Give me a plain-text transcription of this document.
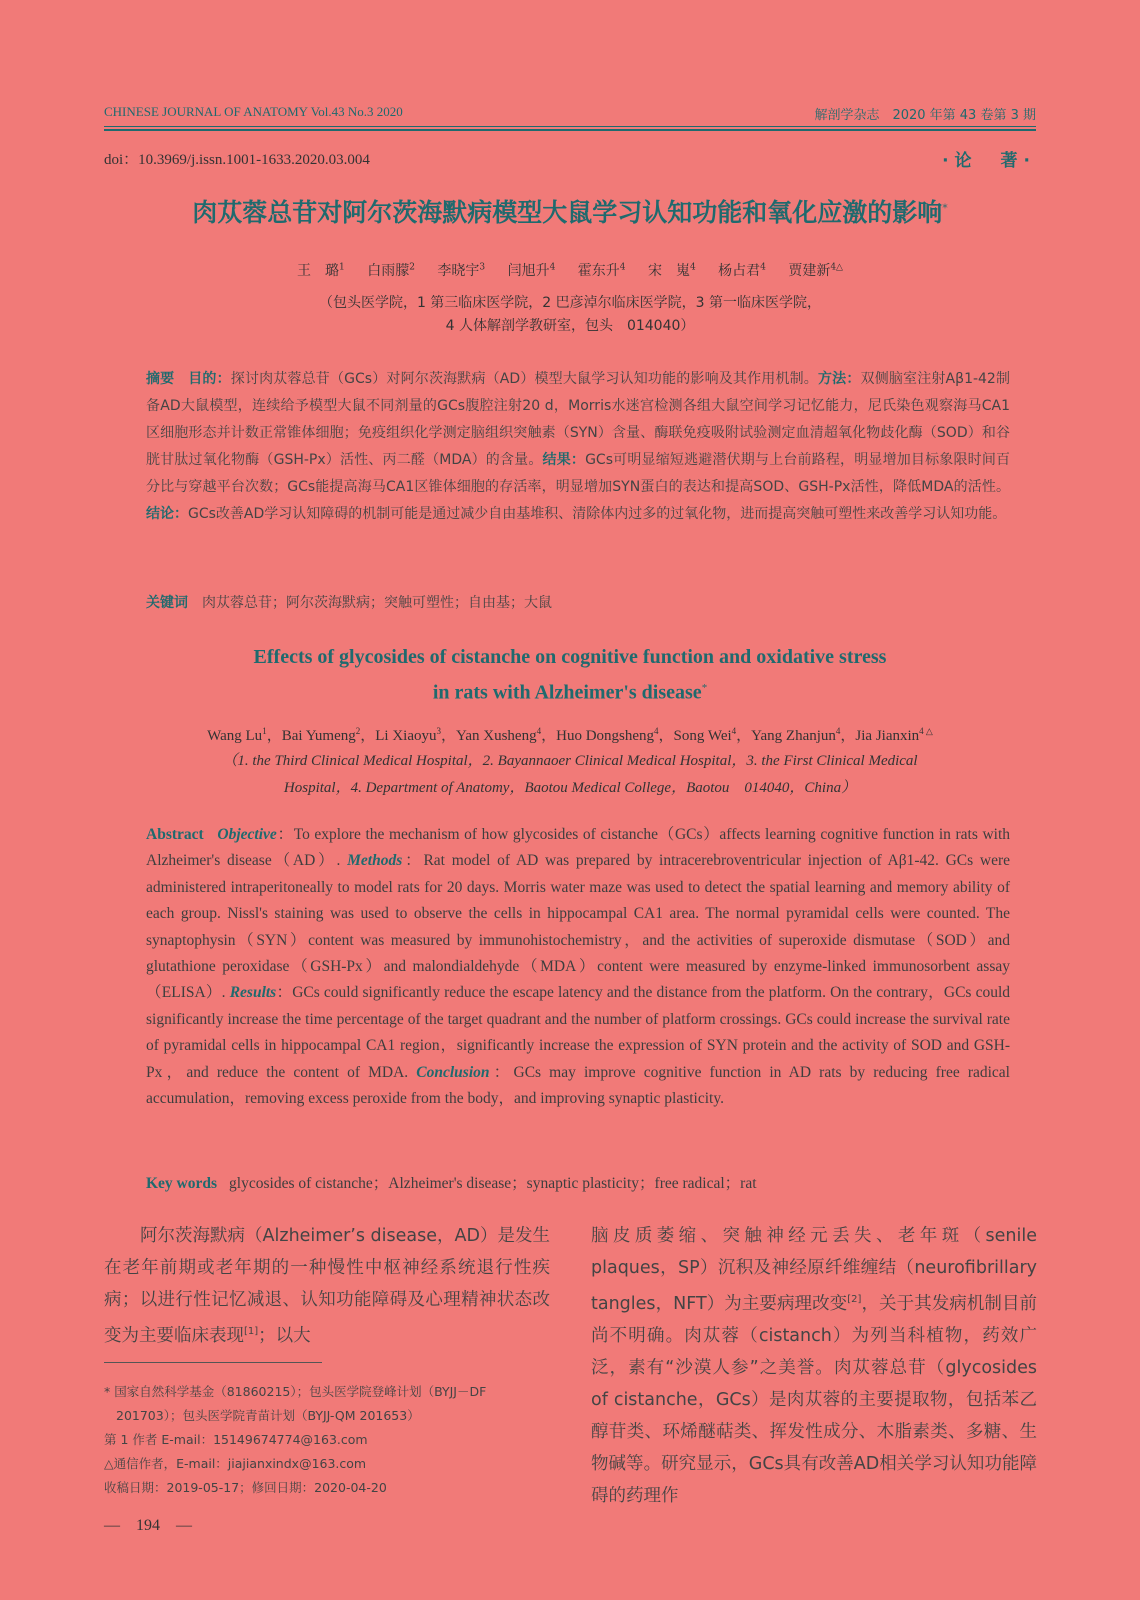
CHINESE JOURNAL OF ANATOMY Vol.43 No.3 2020	解剖学杂志　2020 年第 43 卷第 3 期
doi：10.3969/j.issn.1001-1633.2020.03.004	·论　著·
肉苁蓉总苷对阿尔茨海默病模型大鼠学习认知功能和氧化应激的影响*
王　璐$^1$ 白雨朦$^2$ 李晓宇$^3$ 闫旭升$^4$ 霍东升$^4$ 宋　嵬$^4$ 杨占君$^4$ 贾建新$^{4\triangle}$
（包头医学院，1 第三临床医学院，2 巴彦淖尔临床医学院，3 第一临床医学院，
4 人体解剖学教研室，包头　014040）
摘要 目的：探讨肉苁蓉总苷（GCs）对阿尔茨海默病（AD）模型大鼠学习认知功能的影响及其作用机制。方法：双侧脑室注射Aβ1-42制备AD大鼠模型，连续给予模型大鼠不同剂量的GCs腹腔注射20 d，Morris水迷宫检测各组大鼠空间学习记忆能力，尼氏染色观察海马CA1区细胞形态并计数正常锥体细胞；免疫组织化学测定脑组织突触素（SYN）含量、酶联免疫吸附试验测定血清超氧化物歧化酶（SOD）和谷胱甘肽过氧化物酶（GSH-Px）活性、丙二醛（MDA）的含量。结果：GCs可明显缩短逃避潜伏期与上台前路程，明显增加目标象限时间百分比与穿越平台次数；GCs能提高海马CA1区锥体细胞的存活率，明显增加SYN蛋白的表达和提高SOD、GSH-Px活性，降低MDA的活性。结论：GCs改善AD学习认知障碍的机制可能是通过减少自由基堆积、清除体内过多的过氧化物，进而提高突触可塑性来改善学习认知功能。
关键词 肉苁蓉总苷；阿尔茨海默病；突触可塑性；自由基；大鼠
Effects of glycosides of cistanche on cognitive function and oxidative stress
in rats with Alzheimer's disease*
Wang Lu$^1$，Bai Yumeng$^2$，Li Xiaoyu$^3$，Yan Xusheng$^4$，Huo Dongsheng$^4$，Song Wei$^4$，Yang Zhanjun$^4$，Jia Jianxin$^{4 \triangle}$
（1. the Third Clinical Medical Hospital，2. Bayannaoer Clinical Medical Hospital，3. the First Clinical Medical
Hospital，4. Department of Anatomy，Baotou Medical College，Baotou　014040，China）
Abstract Objective：To explore the mechanism of how glycosides of cistanche（GCs）affects learning cognitive function in rats with Alzheimer's disease（AD）. Methods：Rat model of AD was prepared by intracerebroventricular injection of Aβ1-42. GCs were administered intraperitoneally to model rats for 20 days. Morris water maze was used to detect the spatial learning and memory ability of each group. Nissl's staining was used to observe the cells in hippocampal CA1 area. The normal pyramidal cells were counted. The synaptophysin（SYN）content was measured by immunohistochemistry，and the activities of superoxide dismutase（SOD）and glutathione peroxidase（GSH-Px）and malondialdehyde（MDA）content were measured by enzyme-linked immunosorbent assay（ELISA）. Results：GCs could significantly reduce the escape latency and the distance from the platform. On the contrary，GCs could significantly increase the time percentage of the target quadrant and the number of platform crossings. GCs could increase the survival rate of pyramidal cells in hippocampal CA1 region，significantly increase the expression of SYN protein and the activity of SOD and GSH-Px，and reduce the content of MDA. Conclusion：GCs may improve cognitive function in AD rats by reducing free radical accumulation，removing excess peroxide from the body，and improving synaptic plasticity.
Key words glycosides of cistanche；Alzheimer's disease；synaptic plasticity；free radical；rat
阿尔茨海默病（Alzheimer’s disease，AD）是发生在老年前期或老年期的一种慢性中枢神经系统退行性疾病；以进行性记忆减退、认知功能障碍及心理精神状态改变为主要临床表现[1]；以大
脑皮质萎缩、突触神经元丢失、老年斑（senile plaques，SP）沉积及神经原纤维缠结（neurofibrillary tangles，NFT）为主要病理改变[2]，关于其发病机制目前尚不明确。肉苁蓉（cistanch）为列当科植物，药效广泛，素有“沙漠人参”之美誉。肉苁蓉总苷（glycosides of cistanche，GCs）是肉苁蓉的主要提取物，包括苯乙醇苷类、环烯醚萜类、挥发性成分、木脂素类、多糖、生物碱等。研究显示，GCs具有改善AD相关学习认知功能障碍的药理作
* 国家自然科学基金（81860215）；包头医学院登峰计划（BYJJ－DF
201703）；包头医学院青苗计划（BYJJ-QM 201653）
第 1 作者 E-mail：15149674774@163.com
△通信作者，E-mail：jiajianxindx@163.com
收稿日期：2019-05-17；修回日期：2020-04-20
—　194　—
